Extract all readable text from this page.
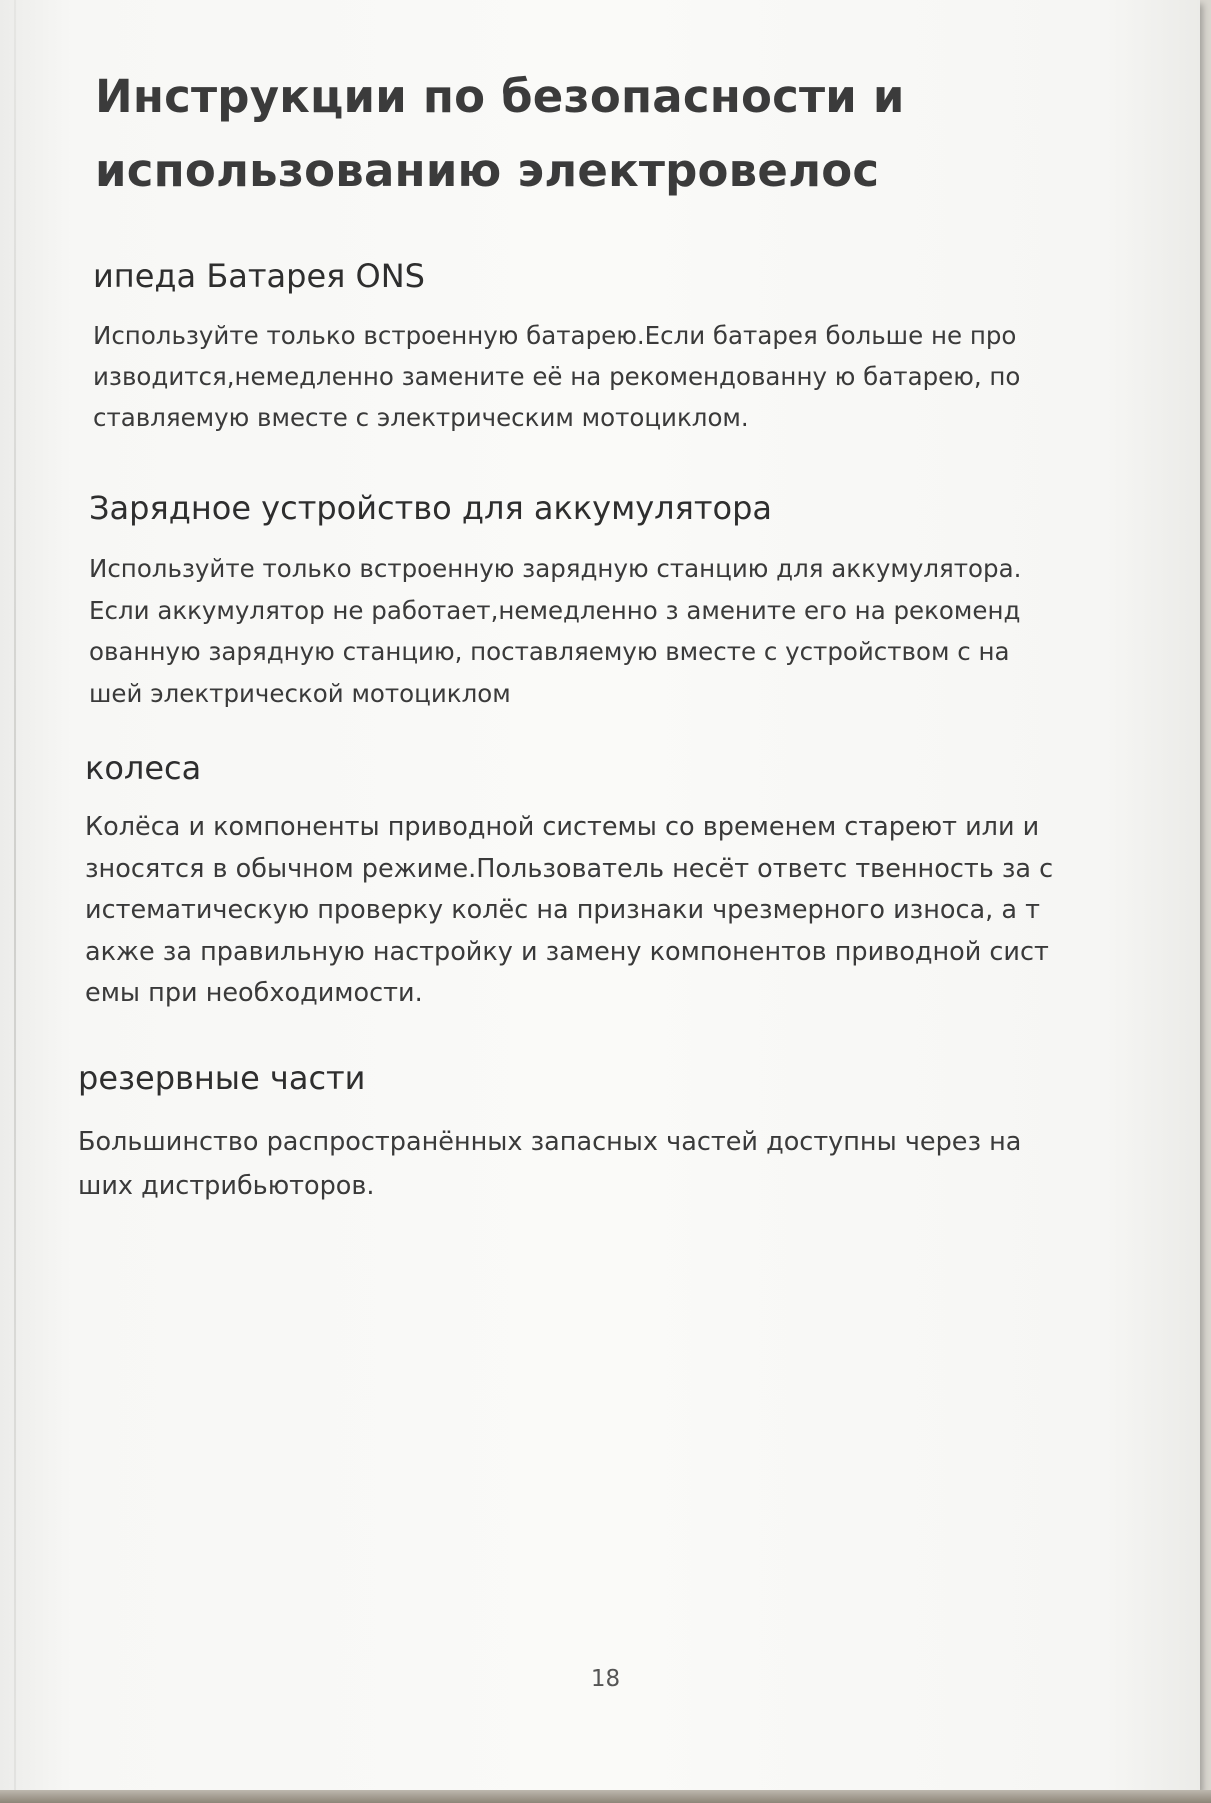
Инструкции по безопасности и
использованию электровелос
ипеда Батарея ONS

Используйте только встроенную батарею.Если батарея больше не про
изводится,немедленно замените её на рекомендованну ю батарею, по
ставляемую вместе с электрическим мотоциклом.

Зарядное устройство для аккумулятора

Используйте только встроенную зарядную станцию для аккумулятора.
Если аккумулятор не работает,немедленно з амените его на рекоменд
ованную зарядную станцию, поставляемую вместе с устройством с на
шей электрической мотоциклом

колеса

Колёса и компоненты приводной системы со временем стареют или и
зносятся в обычном режиме.Пользователь несёт ответс твенность за с
истематическую проверку колёс на признаки чрезмерного износа, а т
акже за правильную настройку и замену компонентов приводной сист
емы при необходимости.

резервные части

Большинство распространённых запасных частей доступны через на
ших дистрибьюторов.

18
